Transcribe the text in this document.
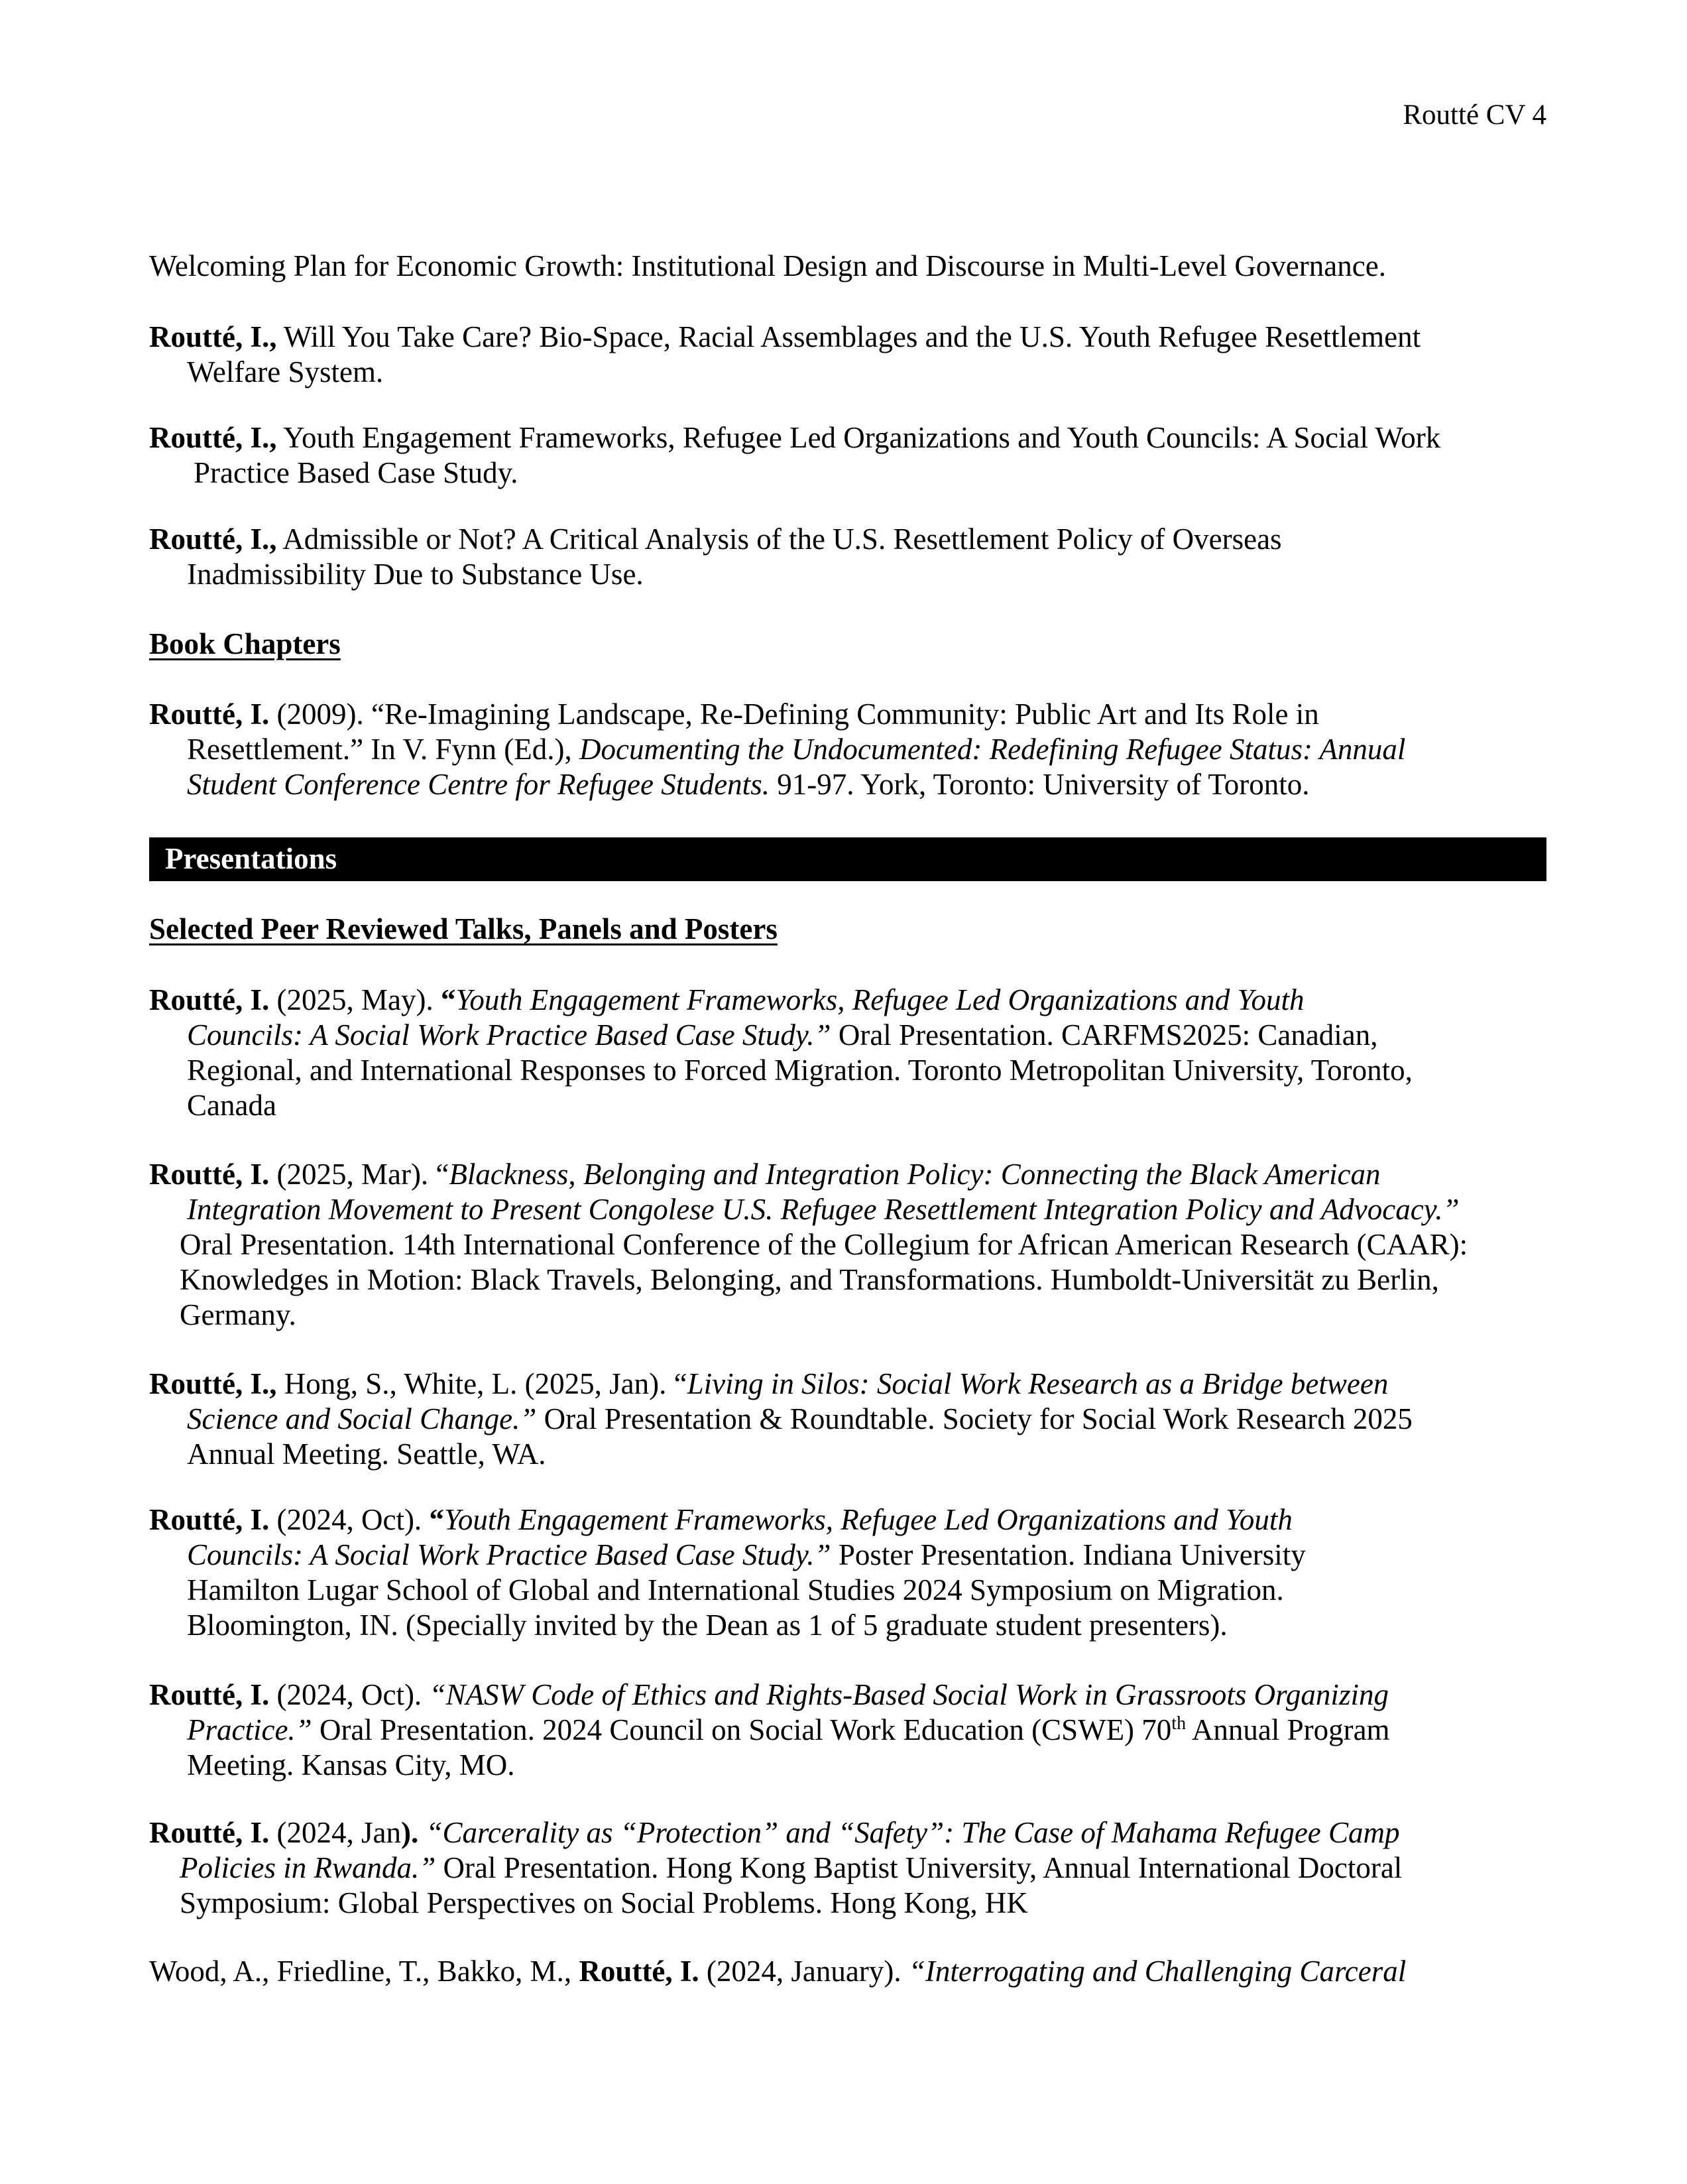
Routté CV 4
Welcoming Plan for Economic Growth: Institutional Design and Discourse in Multi-Level Governance.
Routté, I., Will You Take Care? Bio-Space, Racial Assemblages and the U.S. Youth Refugee Resettlement
Welfare System.
Routté, I., Youth Engagement Frameworks, Refugee Led Organizations and Youth Councils: A Social Work
Practice Based Case Study.
Routté, I., Admissible or Not? A Critical Analysis of the U.S. Resettlement Policy of Overseas
Inadmissibility Due to Substance Use.
Book Chapters
Routté, I. (2009). “Re-Imagining Landscape, Re-Defining Community: Public Art and Its Role in
Resettlement.” In V. Fynn (Ed.), Documenting the Undocumented: Redefining Refugee Status: Annual
Student Conference Centre for Refugee Students. 91-97. York, Toronto: University of Toronto.
Presentations
Selected Peer Reviewed Talks, Panels and Posters
Routté, I. (2025, May). “Youth Engagement Frameworks, Refugee Led Organizations and Youth
Councils: A Social Work Practice Based Case Study.” Oral Presentation. CARFMS2025: Canadian,
Regional, and International Responses to Forced Migration. Toronto Metropolitan University, Toronto,
Canada
Routté, I. (2025, Mar). “Blackness, Belonging and Integration Policy: Connecting the Black American
Integration Movement to Present Congolese U.S. Refugee Resettlement Integration Policy and Advocacy.”
Oral Presentation. 14th International Conference of the Collegium for African American Research (CAAR):
Knowledges in Motion: Black Travels, Belonging, and Transformations. Humboldt-Universität zu Berlin,
Germany.
Routté, I., Hong, S., White, L. (2025, Jan). “Living in Silos: Social Work Research as a Bridge between
Science and Social Change.” Oral Presentation & Roundtable. Society for Social Work Research 2025
Annual Meeting. Seattle, WA.
Routté, I. (2024, Oct). “Youth Engagement Frameworks, Refugee Led Organizations and Youth
Councils: A Social Work Practice Based Case Study.” Poster Presentation. Indiana University
Hamilton Lugar School of Global and International Studies 2024 Symposium on Migration.
Bloomington, IN. (Specially invited by the Dean as 1 of 5 graduate student presenters).
Routté, I. (2024, Oct). “NASW Code of Ethics and Rights-Based Social Work in Grassroots Organizing
Practice.” Oral Presentation. 2024 Council on Social Work Education (CSWE) 70th Annual Program
Meeting. Kansas City, MO.
Routté, I. (2024, Jan). “Carcerality as “Protection” and “Safety”: The Case of Mahama Refugee Camp
Policies in Rwanda.” Oral Presentation. Hong Kong Baptist University, Annual International Doctoral
Symposium: Global Perspectives on Social Problems. Hong Kong, HK
Wood, A., Friedline, T., Bakko, M., Routté, I. (2024, January). “Interrogating and Challenging Carceral
